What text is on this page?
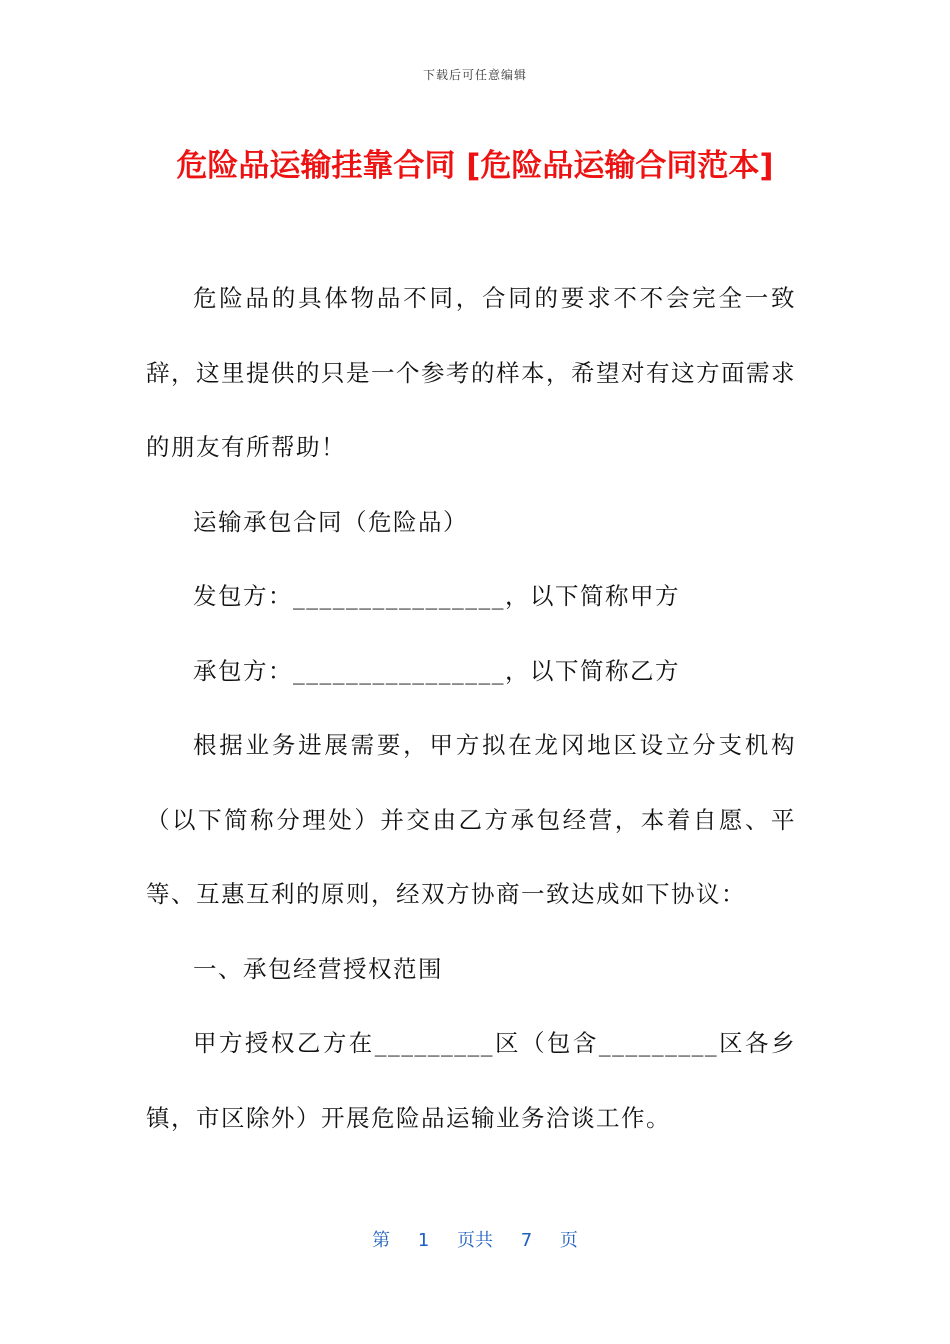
下载后可任意编辑
危险品运输挂靠合同 [危险品运输合同范本]

危险品的具体物品不同，合同的要求不不会完全一致辞，这里提供的只是一个参考的样本，希望对有这方面需求的朋友有所帮助！

运输承包合同（危险品）

发包方：________________，以下简称甲方

承包方：________________，以下简称乙方

根据业务进展需要，甲方拟在龙冈地区设立分支机构（以下简称分理处）并交由乙方承包经营，本着自愿、平等、互惠互利的原则，经双方协商一致达成如下协议：

一、承包经营授权范围

甲方授权乙方在_________区（包含_________区各乡镇，市区除外）开展危险品运输业务洽谈工作。

第 1 页共 7 页
